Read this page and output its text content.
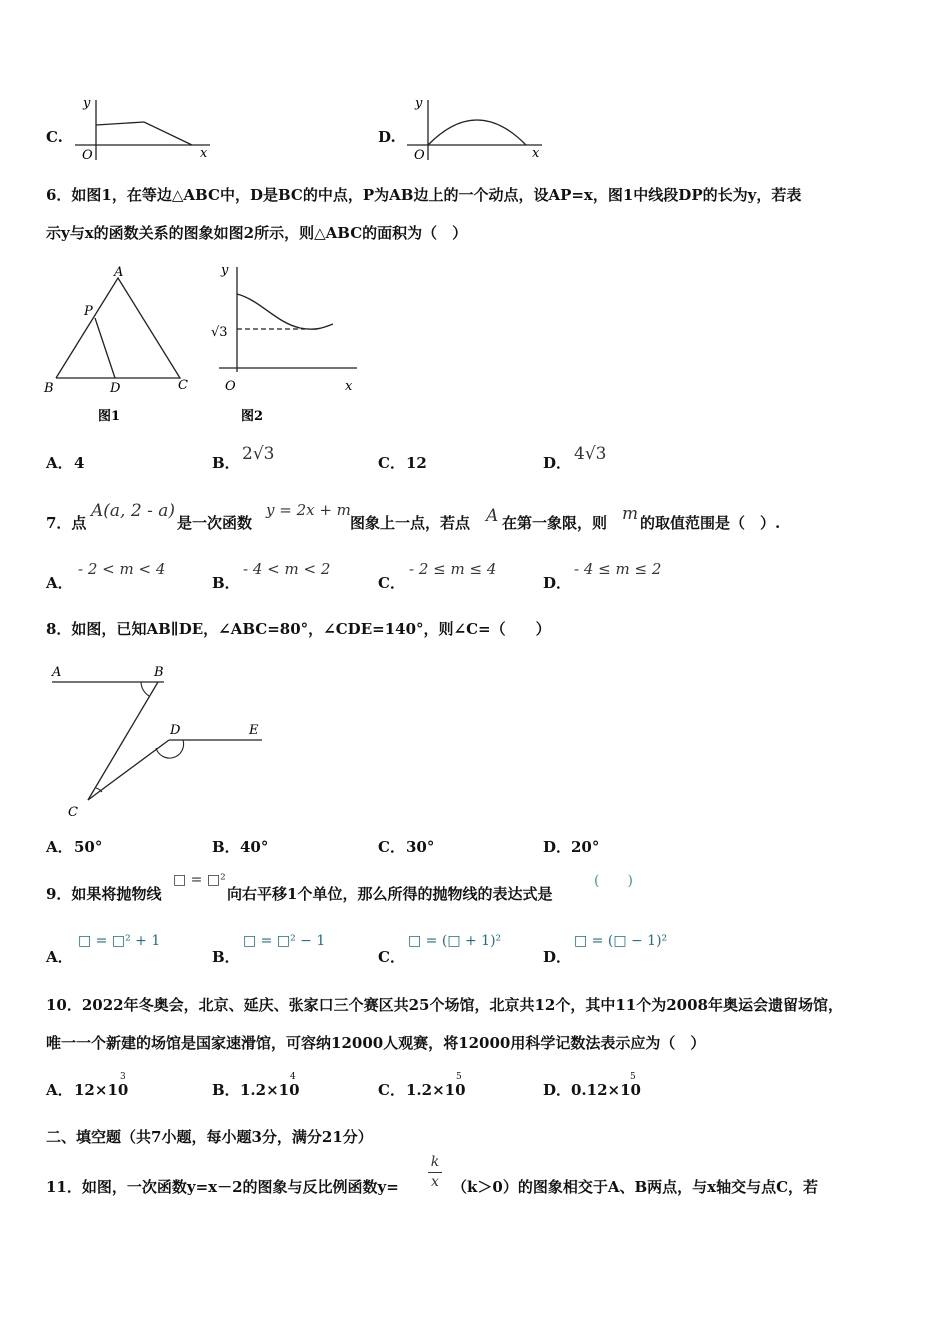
C.
y
O	x
D.
y
O	x
6．如图1，在等边△ABC中，D是BC的中点，P为AB边上的一个动点，设AP=x，图1中线段DP的长为y，若表
示y与x的函数关系的图象如图2所示，则△ABC的面积为（　）
A
P
B	D	C
图1
y
√3
O	x
图2
A． 4	B． 2√3	C． 12	D． 4√3
7．点
A(a, 2 - a)
是一次函数
y = 2x + m
图象上一点，若点 A 在第一象限，则 m 的取值范围是（　）.
A．
- 2 < m < 4
B．
- 4 < m < 2
C．
- 2 ≤ m ≤ 4
D．
- 4 ≤ m ≤ 2
8．如图，已知AB∥DE，∠ABC=80°，∠CDE=140°，则∠C=（　　）
A	B
D	E
C
A． 50°	B． 40°	C． 30°	D． 20°
9．如果将抛物线
□ = □²
向右平移1个单位，那么所得的抛物线的表达式是
(　　)
A．
□ = □² + 1
B．
□ = □² − 1
C．
□ = (□ + 1)²
D．
□ = (□ − 1)²
10．2022年冬奥会，北京、延庆、张家口三个赛区共25个场馆，北京共12个，其中11个为2008年奥运会遗留场馆，
唯一一个新建的场馆是国家速滑馆，可容纳12000人观赛，将12000用科学记数法表示应为（　）
A． 12×10
3
B． 1.2×10
4
C． 1.2×10
5
D． 0.12×10
5
二、填空题（共7小题，每小题3分，满分21分）
11．如图，一次函数y=x－2的图象与反比例函数y=
k
x （k＞0）的图象相交于A、B两点，与x轴交与点C，若
